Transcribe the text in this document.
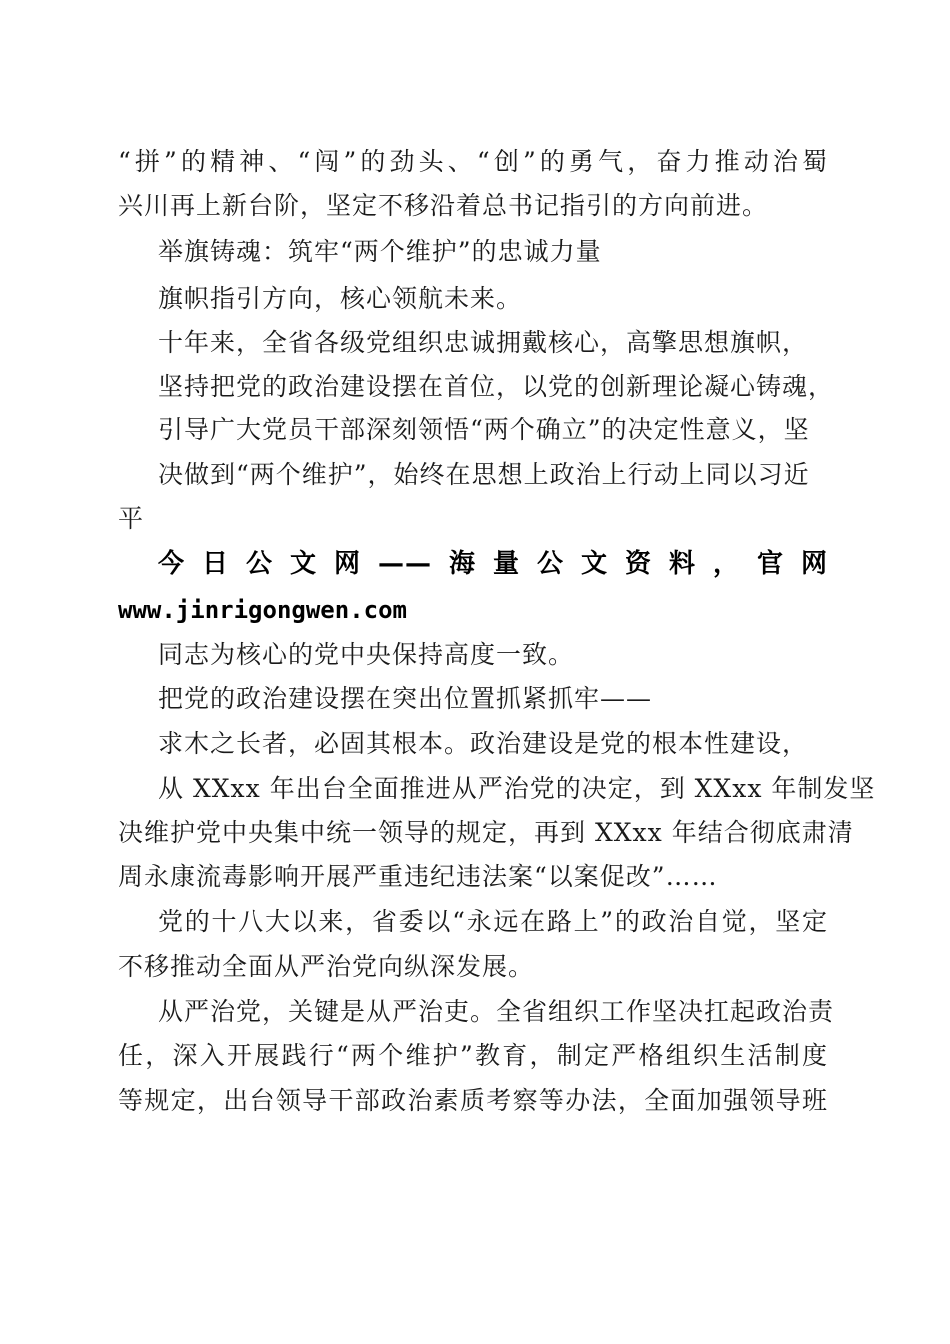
“拼”的精神、“闯”的劲头、“创”的勇气，奋力推动治蜀
兴川再上新台阶，坚定不移沿着总书记指引的方向前进。
举旗铸魂：筑牢“两个维护”的忠诚力量
旗帜指引方向，核心领航未来。
十年来，全省各级党组织忠诚拥戴核心，高擎思想旗帜，
坚持把党的政治建设摆在首位，以党的创新理论凝心铸魂，
引导广大党员干部深刻领悟“两个确立”的决定性意义，坚
决做到“两个维护”，始终在思想上政治上行动上同以习近
平
今日公文网——海量公文资料，官网
www.jinrigongwen.com
同志为核心的党中央保持高度一致。
把党的政治建设摆在突出位置抓紧抓牢——
求木之长者，必固其根本。政治建设是党的根本性建设，
从 XXxx 年出台全面推进从严治党的决定，到 XXxx 年制发坚
决维护党中央集中统一领导的规定，再到 XXxx 年结合彻底肃清
周永康流毒影响开展严重违纪违法案“以案促改”……
党的十八大以来，省委以“永远在路上”的政治自觉，坚定
不移推动全面从严治党向纵深发展。
从严治党，关键是从严治吏。全省组织工作坚决扛起政治责
任，深入开展践行“两个维护”教育，制定严格组织生活制度
等规定，出台领导干部政治素质考察等办法，全面加强领导班
